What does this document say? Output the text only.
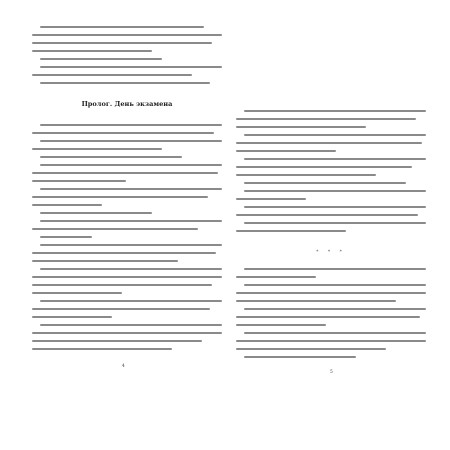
Пролог. День экзамена
4
* * *
5
